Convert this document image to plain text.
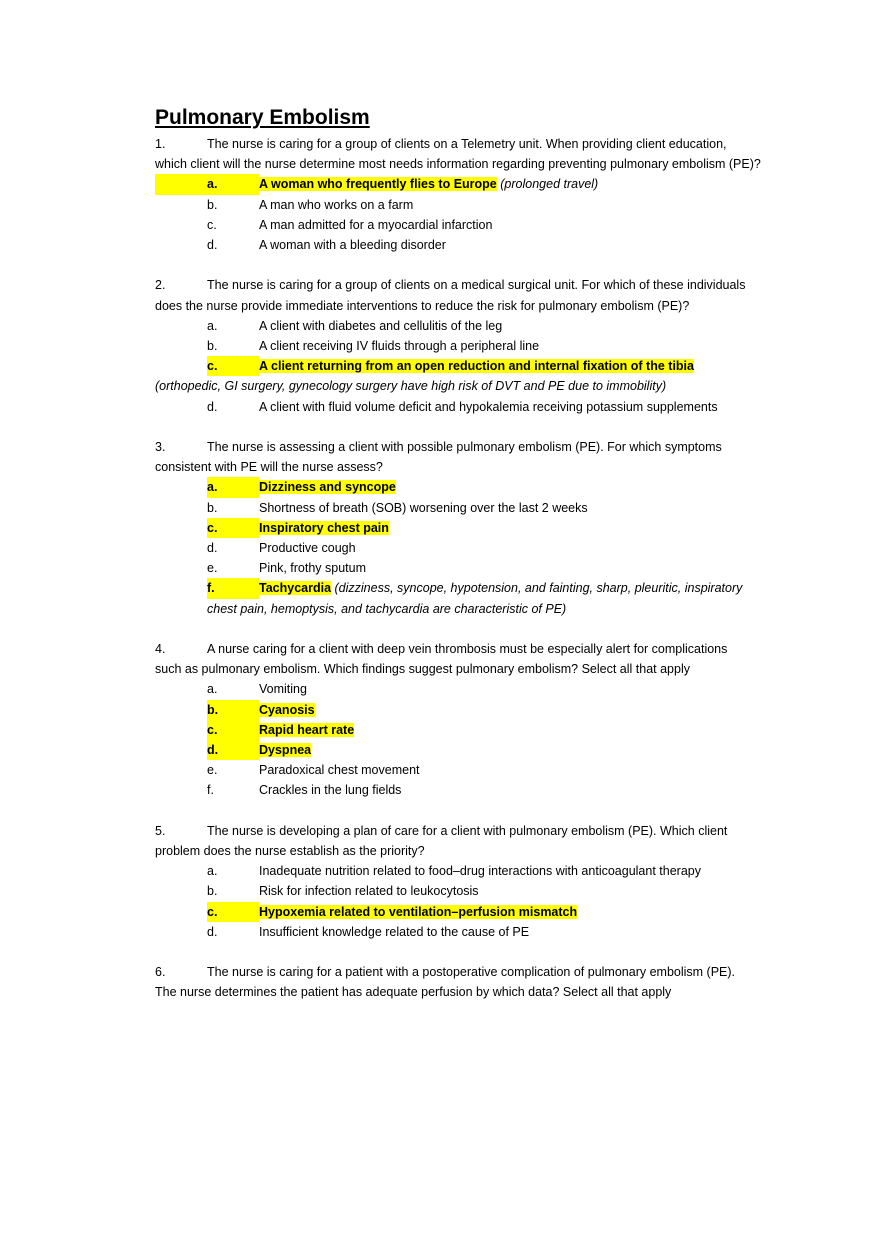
Pulmonary Embolism
1.	The nurse is caring for a group of clients on a Telemetry unit. When providing client education,
which client will the nurse determine most needs information regarding preventing pulmonary embolism (PE)?
a.	A woman who frequently flies to Europe (prolonged travel)
b.	A man who works on a farm
c.	A man admitted for a myocardial infarction
d.	A woman with a bleeding disorder
2.	The nurse is caring for a group of clients on a medical surgical unit. For which of these individuals
does the nurse provide immediate interventions to reduce the risk for pulmonary embolism (PE)?
a.	A client with diabetes and cellulitis of the leg
b.	A client receiving IV fluids through a peripheral line
c.	A client returning from an open reduction and internal fixation of the tibia
(orthopedic, GI surgery, gynecology surgery have high risk of DVT and PE due to immobility)
d.	A client with fluid volume deficit and hypokalemia receiving potassium supplements
3.	The nurse is assessing a client with possible pulmonary embolism (PE). For which symptoms
consistent with PE will the nurse assess?
a.	Dizziness and syncope
b.	Shortness of breath (SOB) worsening over the last 2 weeks
c.	Inspiratory chest pain
d.	Productive cough
e.	Pink, frothy sputum
f.	Tachycardia (dizziness, syncope, hypotension, and fainting, sharp, pleuritic, inspiratory
chest pain, hemoptysis, and tachycardia are characteristic of PE)
4.	A nurse caring for a client with deep vein thrombosis must be especially alert for complications
such as pulmonary embolism. Which findings suggest pulmonary embolism? Select all that apply
a.	Vomiting
b.	Cyanosis
c.	Rapid heart rate
d.	Dyspnea
e.	Paradoxical chest movement
f.	Crackles in the lung fields
5.	The nurse is developing a plan of care for a client with pulmonary embolism (PE). Which client
problem does the nurse establish as the priority?
a.	Inadequate nutrition related to food–drug interactions with anticoagulant therapy
b.	Risk for infection related to leukocytosis
c.	Hypoxemia related to ventilation–perfusion mismatch
d.	Insufficient knowledge related to the cause of PE
6.	The nurse is caring for a patient with a postoperative complication of pulmonary embolism (PE).
The nurse determines the patient has adequate perfusion by which data? Select all that apply
